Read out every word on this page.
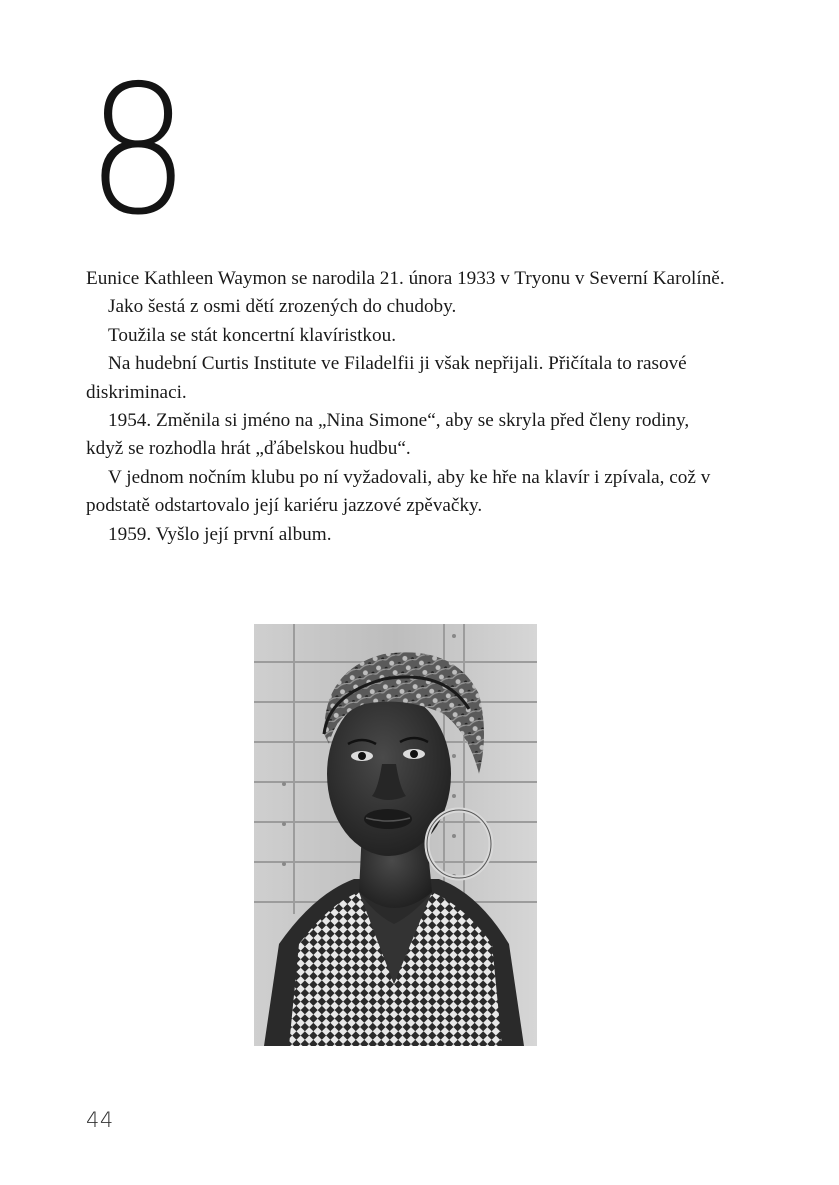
8

Eunice Kathleen Waymon se narodila 21. února 1933 v Tryonu v Severní Karolíně.

Jako šestá z osmi dětí zrozených do chudoby.

Toužila se stát koncertní klavíristkou.

Na hudební Curtis Institute ve Filadelfii ji však nepřijali. Přičítala to rasové diskriminaci.

1954. Změnila si jméno na „Nina Simone“, aby se skryla před členy rodiny, když se rozhodla hrát „ďábelskou hudbu“.

V jednom nočním klubu po ní vyžadovali, aby ke hře na klavír i zpívala, což v podstatě odstartovalo její kariéru jazzové zpěvačky.

1959. Vyšlo její první album.

44
